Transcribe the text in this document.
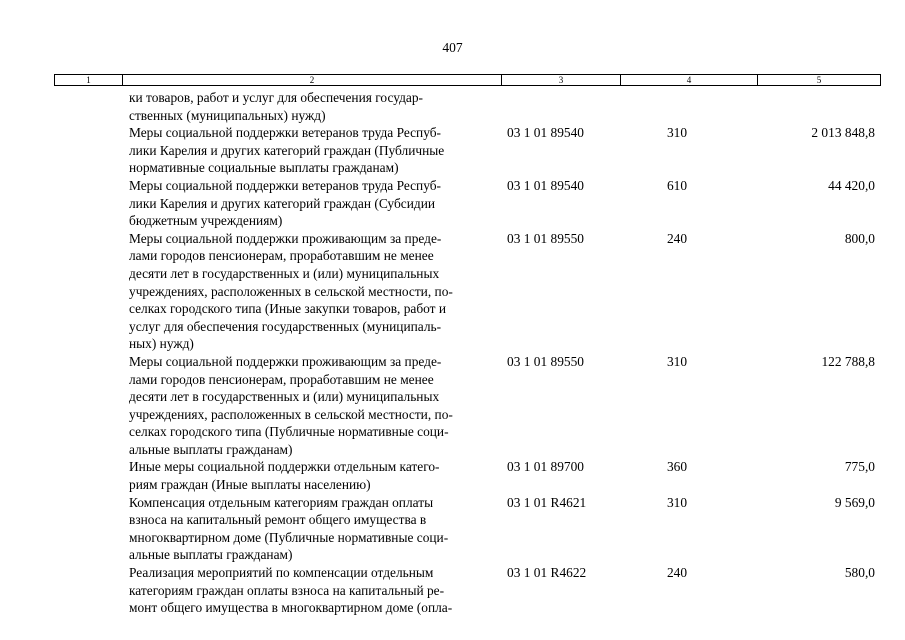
407
1	2	3	4	5
ки товаров, работ и услуг для обеспечения государ-
ственных (муниципальных) нужд)
Меры социальной поддержки ветеранов труда Респуб-
лики Карелия и других категорий граждан (Публичные
нормативные социальные выплаты гражданам)
03 1 01 89540	310	2 013 848,8
Меры социальной поддержки ветеранов труда Респуб-
лики Карелия и других категорий граждан (Субсидии
бюджетным учреждениям)
03 1 01 89540	610	44 420,0
Меры социальной поддержки проживающим за преде-
лами городов пенсионерам, проработавшим не менее
десяти лет в государственных и (или) муниципальных
учреждениях, расположенных в сельской местности, по-
селках городского типа (Иные закупки товаров, работ и
услуг для обеспечения государственных (муниципаль-
ных) нужд)
03 1 01 89550	240	800,0
Меры социальной поддержки проживающим за преде-
лами городов пенсионерам, проработавшим не менее
десяти лет в государственных и (или) муниципальных
учреждениях, расположенных в сельской местности, по-
селках городского типа (Публичные нормативные соци-
альные выплаты гражданам)
03 1 01 89550	310	122 788,8
Иные меры социальной поддержки отдельным катего-
риям граждан (Иные выплаты населению)
03 1 01 89700	360	775,0
Компенсация отдельным категориям граждан оплаты
взноса на капитальный ремонт общего имущества в
многоквартирном доме (Публичные нормативные соци-
альные выплаты гражданам)
03 1 01 R4621	310	9 569,0
Реализация мероприятий по компенсации отдельным
категориям граждан оплаты взноса на капитальный ре-
монт общего имущества в многоквартирном доме (опла-
03 1 01 R4622	240	580,0
